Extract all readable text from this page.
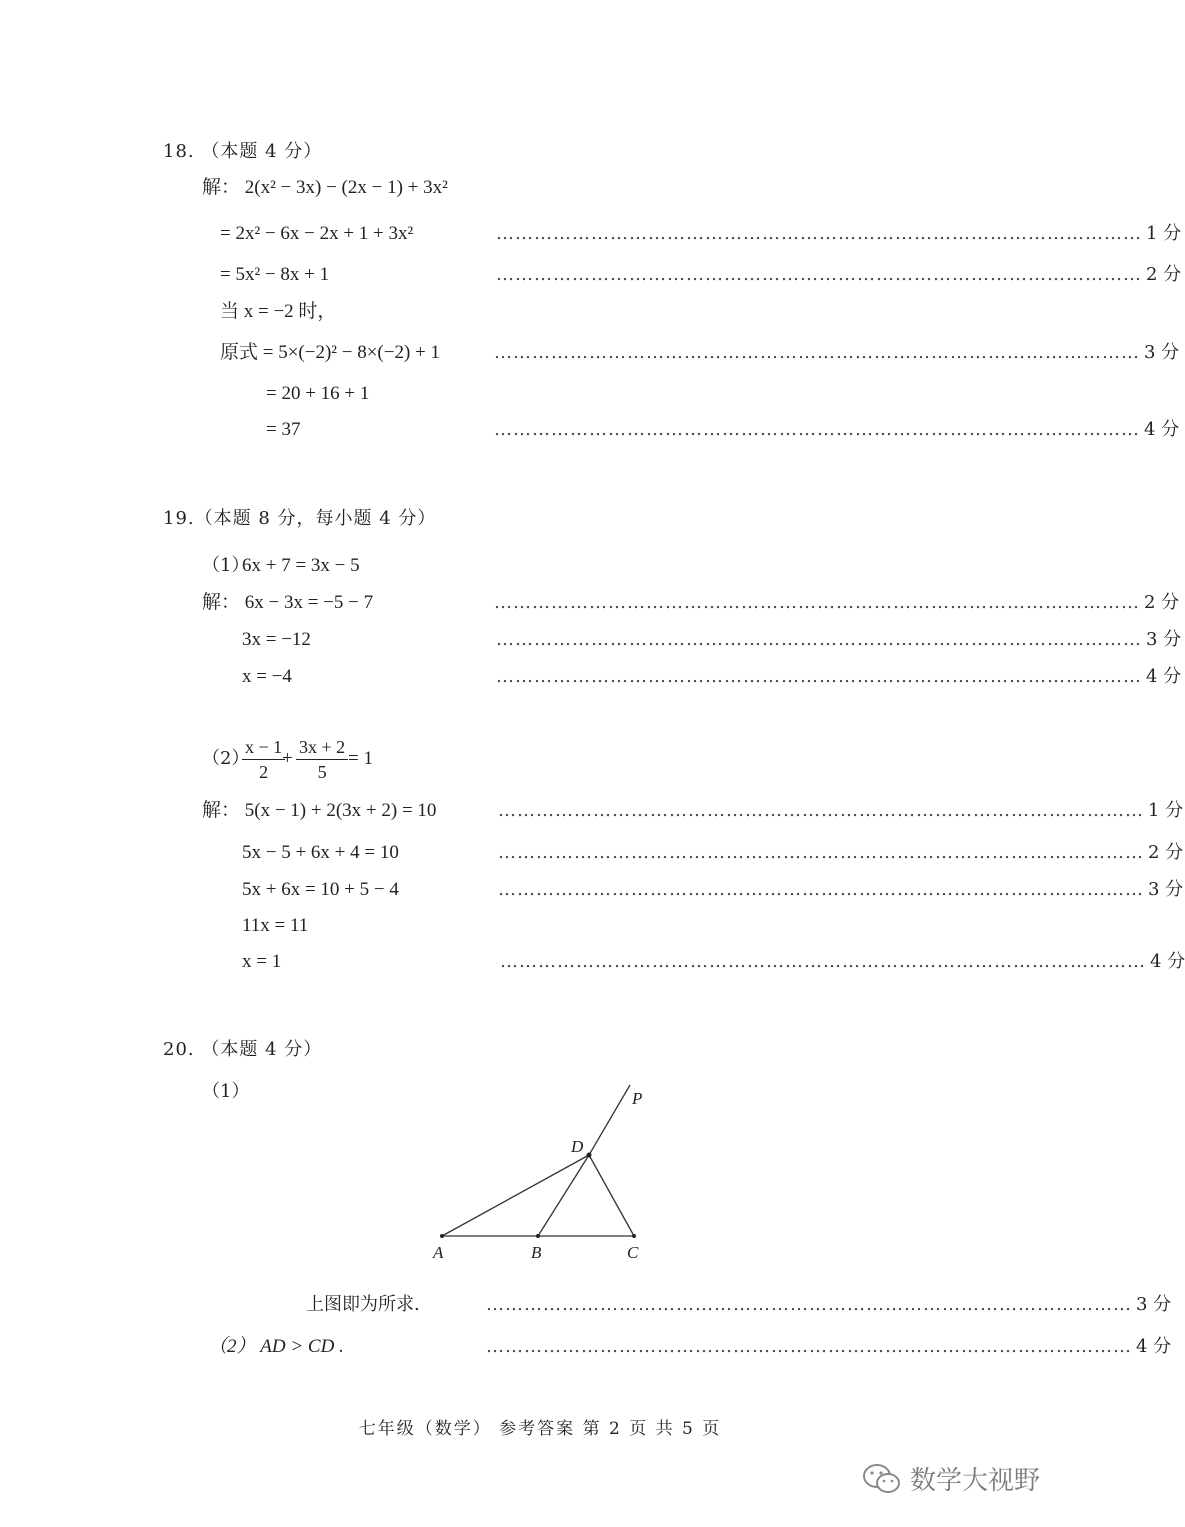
18. （本题 4 分）
解： 2(x² − 3x) − (2x − 1) + 3x²
= 2x² − 6x − 2x + 1 + 3x²	………………………………………………………………………………………… 1 分
= 5x² − 8x + 1	………………………………………………………………………………………… 2 分
当 x = −2 时，
原式 = 5×(−2)² − 8×(−2) + 1	………………………………………………………………………………………… 3 分
= 20 + 16 + 1
= 37	………………………………………………………………………………………… 4 分
19.（本题 8 分，每小题 4 分）
（1）
6x + 7 = 3x − 5
解： 6x − 3x = −5 − 7	………………………………………………………………………………………… 2 分
3x = −12	………………………………………………………………………………………… 3 分
x = −4	………………………………………………………………………………………… 4 分
（2）
$\frac{x - 1}{2}$
+ $\frac{3x + 2}{5} = 1$
解： 5(x − 1) + 2(3x + 2) = 10	………………………………………………………………………………………… 1 分
5x − 5 + 6x + 4 = 10	………………………………………………………………………………………… 2 分
5x + 6x = 10 + 5 − 4	………………………………………………………………………………………… 3 分
11x = 11
x = 1	………………………………………………………………………………………… 4 分
20. （本题 4 分）
（1）	P
D
A	B	C
上图即为所求.	………………………………………………………………………………………… 3 分
（2） AD > CD .	………………………………………………………………………………………… 4 分
七年级（数学） 参考答案 第 2 页 共 5 页
数学大视野
